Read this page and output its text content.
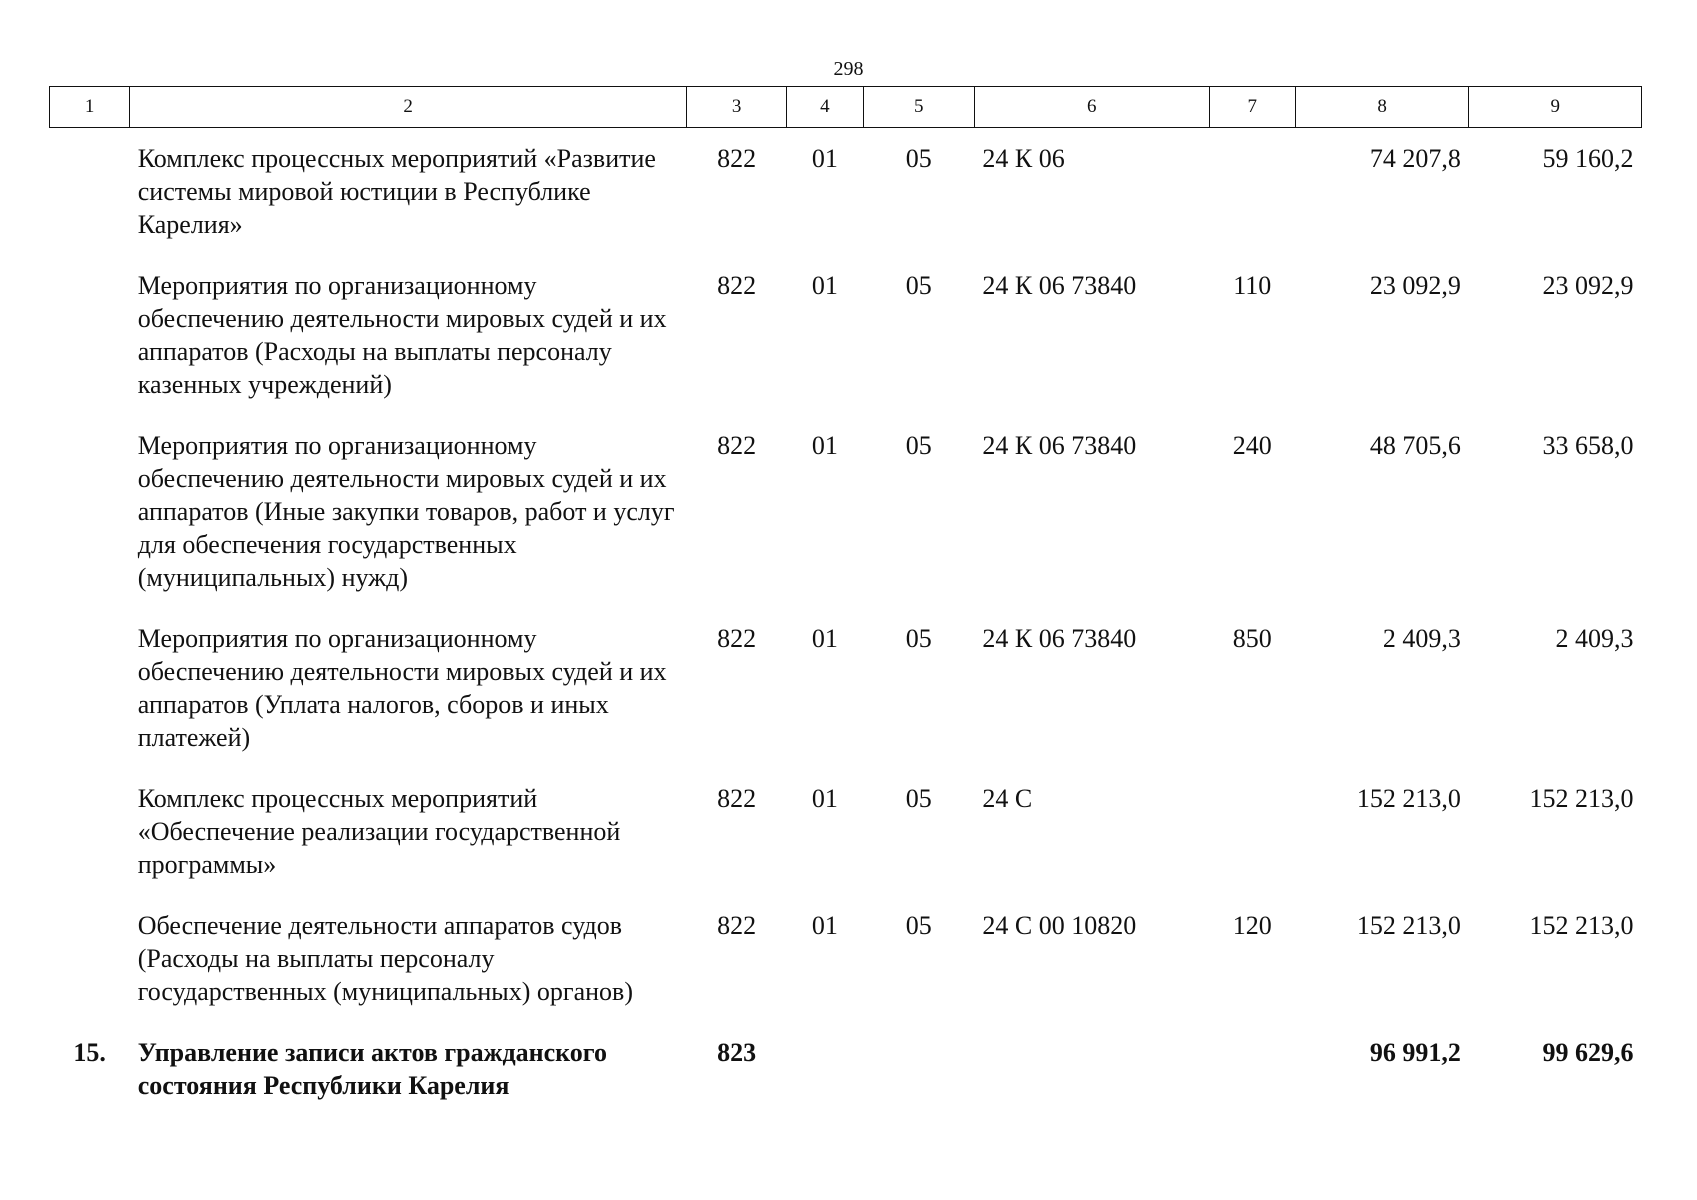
298
1	2	3	4	5	6	7	8	9
	Комплекс процессных мероприятий «Развитие системы мировой юстиции в Республике Карелия»	822	01	05	24 К 06		74 207,8	59 160,2
	Мероприятия по организационному обеспечению деятельности мировых судей и их аппаратов (Расходы на выплаты персоналу казенных учреждений)	822	01	05	24 К 06 73840	110	23 092,9	23 092,9
	Мероприятия по организационному обеспечению деятельности мировых судей и их аппаратов (Иные закупки товаров, работ и услуг для обеспечения государственных (муниципальных) нужд)	822	01	05	24 К 06 73840	240	48 705,6	33 658,0
	Мероприятия по организационному обеспечению деятельности мировых судей и их аппаратов (Уплата налогов, сборов и иных платежей)	822	01	05	24 К 06 73840	850	2 409,3	2 409,3
	Комплекс процессных мероприятий «Обеспечение реализации государственной программы»	822	01	05	24 С		152 213,0	152 213,0
	Обеспечение деятельности аппаратов судов (Расходы на выплаты персоналу государственных (муниципальных) органов)	822	01	05	24 С 00 10820	120	152 213,0	152 213,0
15.	Управление записи актов гражданского состояния Республики Карелия	823					96 991,2	99 629,6
